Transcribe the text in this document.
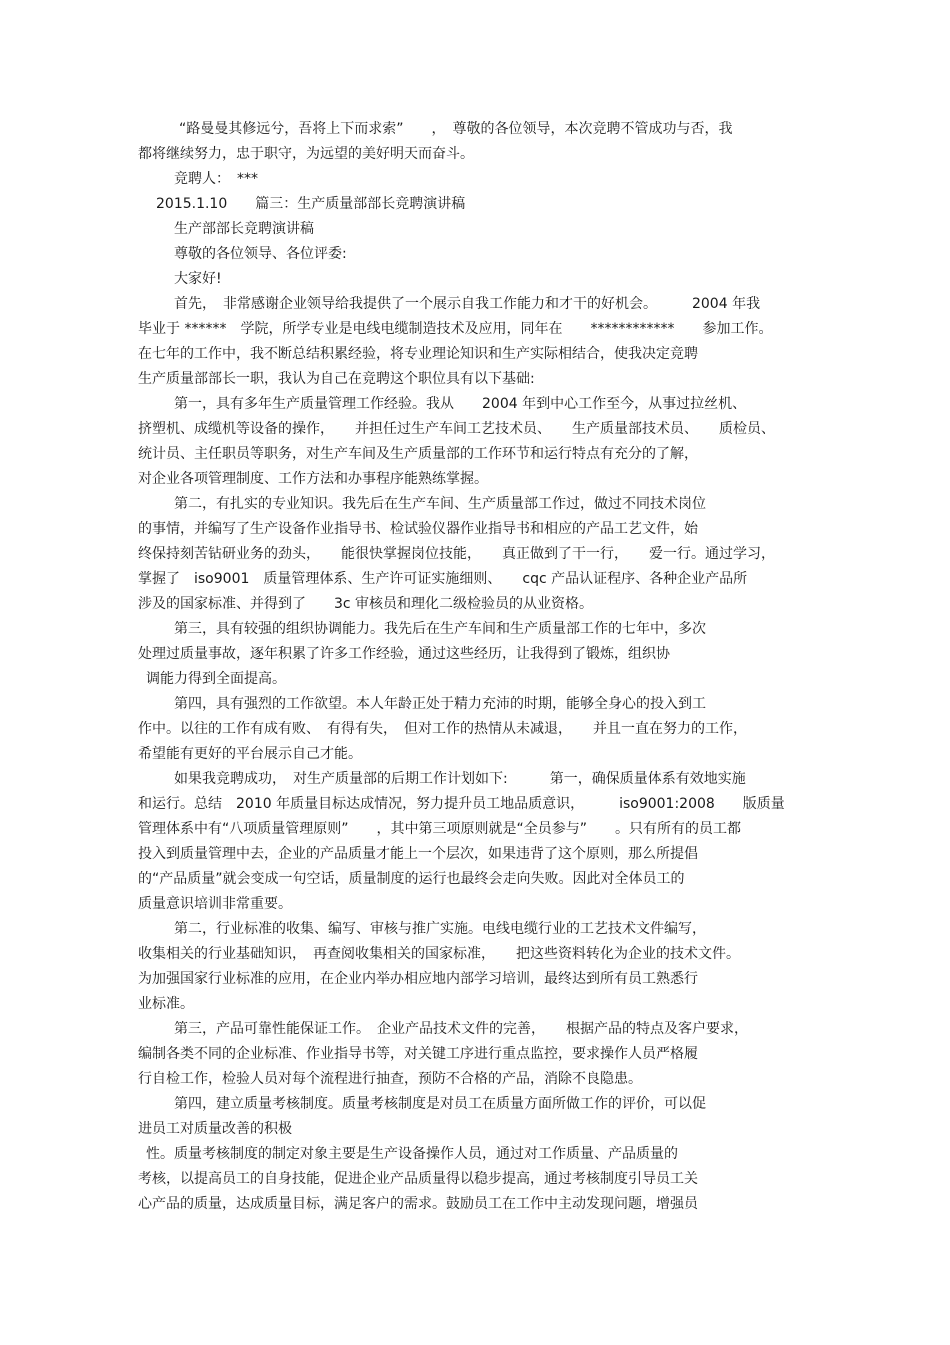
“路曼曼其修远兮，吾将上下而求索”　　，　尊敬的各位领导，本次竞聘不管成功与否，我

都将继续努力，忠于职守，为远望的美好明天而奋斗。

竞聘人：　***

2015.1.10　　篇三：生产质量部部长竞聘演讲稿

生产部部长竞聘演讲稿

尊敬的各位领导、各位评委:

大家好!

首先，　非常感谢企业领导给我提供了一个展示自我工作能力和才干的好机会。　　　2004 年我

毕业于 ******　学院，所学专业是电线电缆制造技术及应用，同年在　　************　　参加工作。

在七年的工作中，我不断总结积累经验，将专业理论知识和生产实际相结合，使我决定竞聘

生产质量部部长一职，我认为自己在竞聘这个职位具有以下基础:

第一，具有多年生产质量管理工作经验。我从　　2004 年到中心工作至今，从事过拉丝机、

挤塑机、成缆机等设备的操作，　　并担任过生产车间工艺技术员、　　生产质量部技术员、　　质检员、

统计员、主任职员等职务，对生产车间及生产质量部的工作环节和运行特点有充分的了解，

对企业各项管理制度、工作方法和办事程序能熟练掌握。

第二，有扎实的专业知识。我先后在生产车间、生产质量部工作过，做过不同技术岗位

的事情，并编写了生产设备作业指导书、检试验仪器作业指导书和相应的产品工艺文件，始

终保持刻苦钻研业务的劲头，　　能很快掌握岗位技能，　　真正做到了干一行，　　爱一行。通过学习，

掌握了　iso9001　质量管理体系、生产许可证实施细则、　　cqc 产品认证程序、各种企业产品所

涉及的国家标准、并得到了　　3c 审核员和理化二级检验员的从业资格。

第三，具有较强的组织协调能力。我先后在生产车间和生产质量部工作的七年中，多次

处理过质量事故，逐年积累了许多工作经验，通过这些经历，让我得到了锻炼，组织协

调能力得到全面提高。

第四，具有强烈的工作欲望。本人年龄正处于精力充沛的时期，能够全身心的投入到工

作中。以往的工作有成有败、　有得有失，　但对工作的热情从未减退，　　并且一直在努力的工作，

希望能有更好的平台展示自己才能。

如果我竞聘成功，　对生产质量部的后期工作计划如下:　　　第一，确保质量体系有效地实施

和运行。总结　2010 年质量目标达成情况，努力提升员工地品质意识，　　　iso9001:2008　　版质量

管理体系中有“八项质量管理原则”　　，其中第三项原则就是“全员参与”　　。只有所有的员工都

投入到质量管理中去，企业的产品质量才能上一个层次，如果违背了这个原则，那么所提倡

的“产品质量”就会变成一句空话，质量制度的运行也最终会走向失败。因此对全体员工的

质量意识培训非常重要。

第二，行业标准的收集、编写、审核与推广实施。电线电缆行业的工艺技术文件编写，

收集相关的行业基础知识，　再查阅收集相关的国家标准，　　把这些资料转化为企业的技术文件。

为加强国家行业标准的应用，在企业内举办相应地内部学习培训，最终达到所有员工熟悉行

业标准。

第三，产品可靠性能保证工作。　企业产品技术文件的完善，　　根据产品的特点及客户要求，

编制各类不同的企业标准、作业指导书等，对关键工序进行重点监控，要求操作人员严格履

行自检工作，检验人员对每个流程进行抽查，预防不合格的产品，消除不良隐患。

第四，建立质量考核制度。质量考核制度是对员工在质量方面所做工作的评价，可以促

进员工对质量改善的积极

性。质量考核制度的制定对象主要是生产设备操作人员，通过对工作质量、产品质量的

考核，以提高员工的自身技能，促进企业产品质量得以稳步提高，通过考核制度引导员工关

心产品的质量，达成质量目标，满足客户的需求。鼓励员工在工作中主动发现问题，增强员
